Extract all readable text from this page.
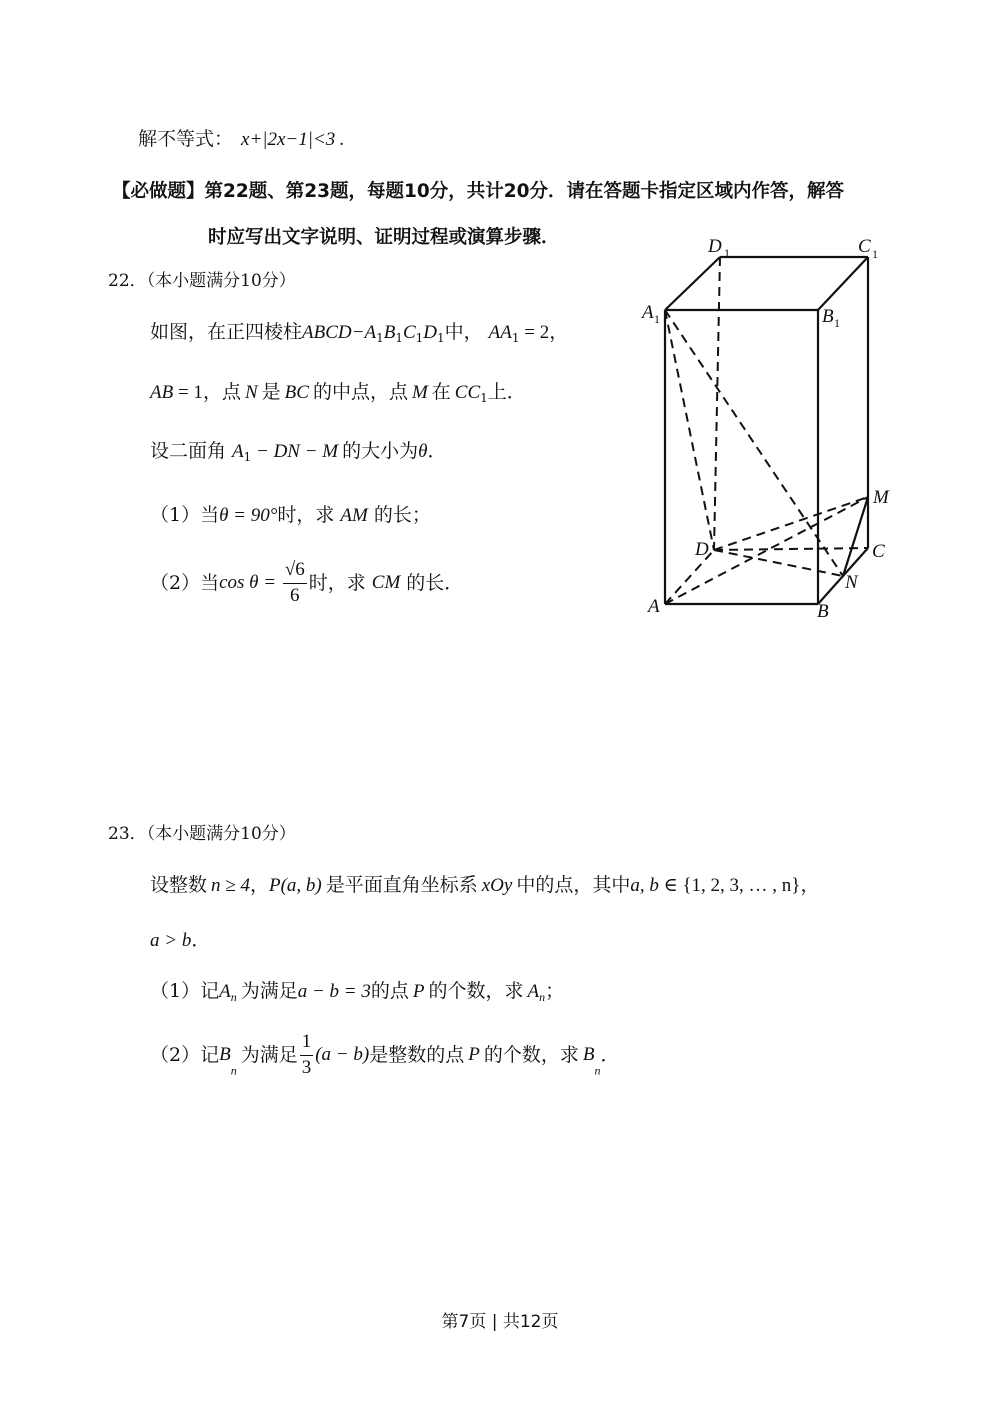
解不等式： x+|2x−1|<3 .
【必做题】第22题、第23题，每题10分，共计20分．请在答题卡指定区域内作答，解答
时应写出文字说明、证明过程或演算步骤．
22．（本小题满分10分）
如图，在正四棱柱$ABCD-A_1B_1C_1D_1$中， $AA_1 = 2$，
AB = 1，点 N 是 BC 的中点，点 M 在 $CC_1$上．
设二面角 $A_1$ − DN − M 的大小为θ．
（1）当θ = 90°时，求 AM 的长；
（2）当$\cos \theta = \frac{√6}{6}$ 时，求 CM 的长．
D 1	C 1
A 1	B 1
M
D	C
N
A	B
23．（本小题满分10分）
设整数 n ≥ 4，P(a, b) 是平面直角坐标系 xOy 中的点，其中a, b ∈ {1, 2, 3, … , n}，
a > b．
（1）记$A_n$ 为满足a − b = 3的点 P 的个数，求 $A_n$；
（2）记$B_n$为满足 $\frac{1}{3} (a - b)$是整数的点 P 的个数，求 $B_n$．
第7页 | 共12页
